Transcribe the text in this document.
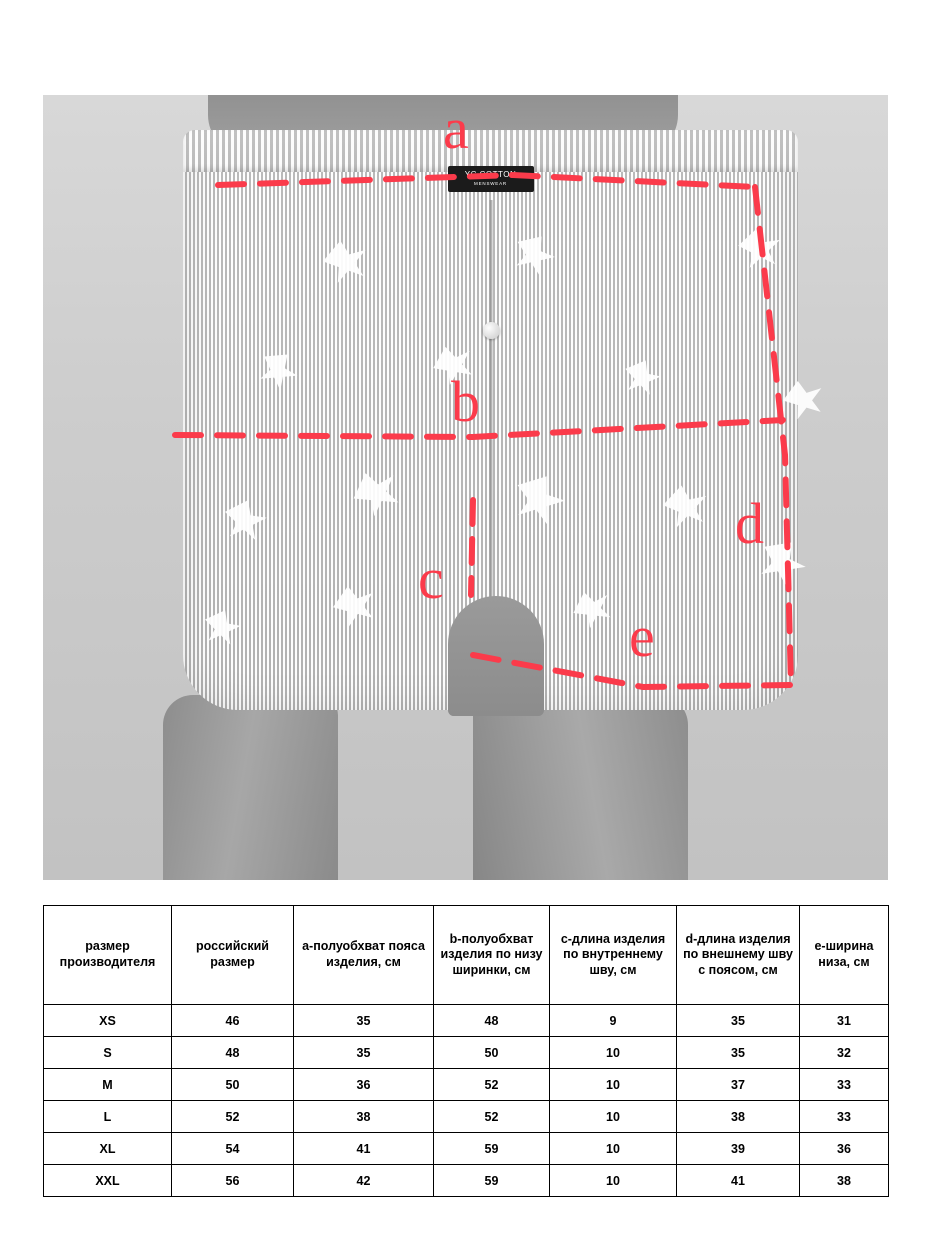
YC COTTON
MENSWEAR
a
b
c
d
e
размер производителя	российский размер	a-полуобхват пояса изделия, см	b-полуобхват изделия по низу ширинки, см	c-длина изделия по внутреннему шву, см	d-длина изделия по внешнему шву с поясом, см	e-ширина низа, см
XS	46	35	48	9	35	31
S	48	35	50	10	35	32
M	50	36	52	10	37	33
L	52	38	52	10	38	33
XL	54	41	59	10	39	36
XXL	56	42	59	10	41	38
